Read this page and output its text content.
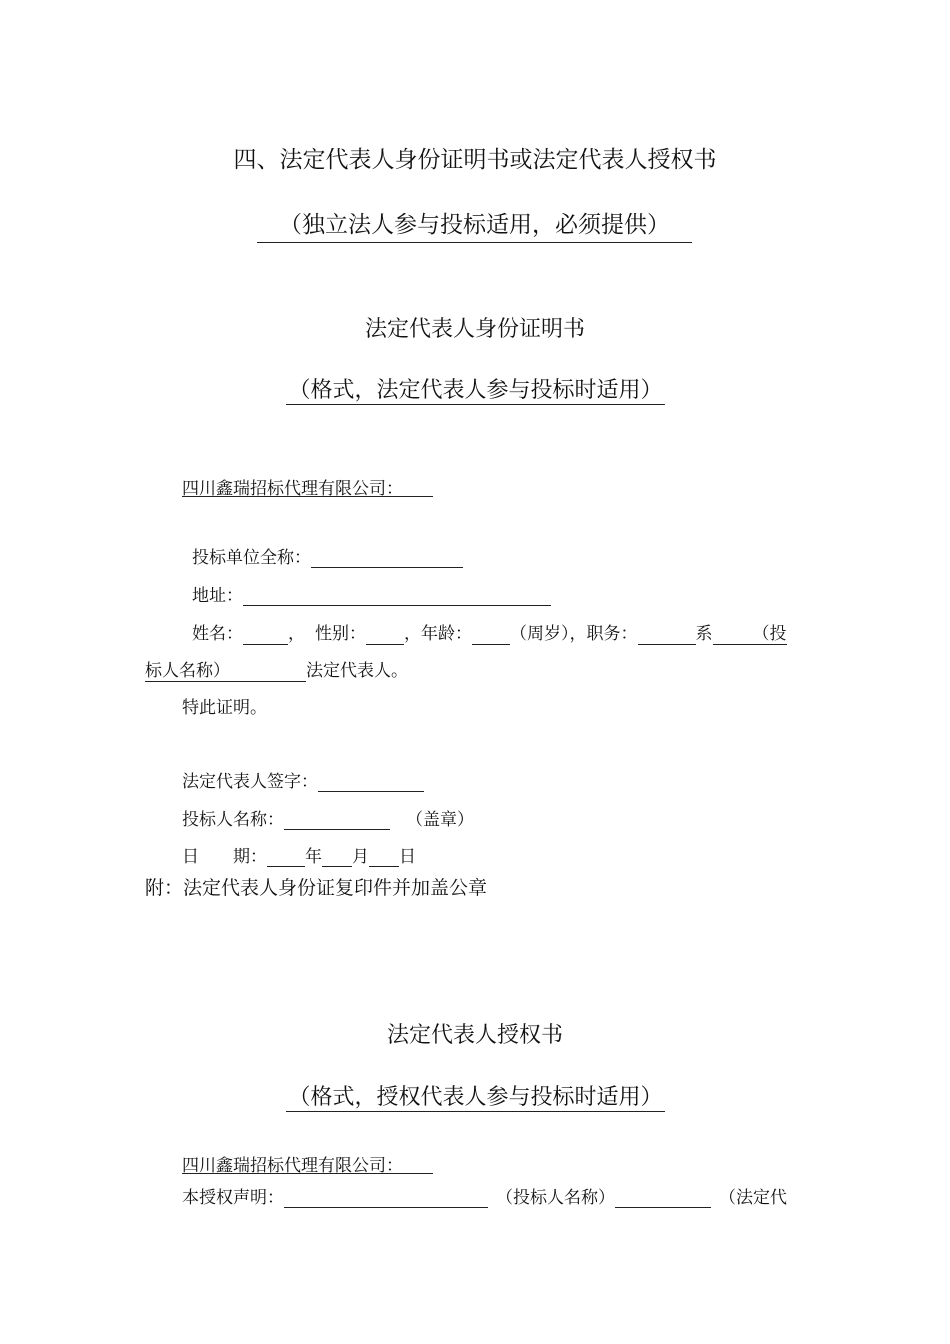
四、法定代表人身份证明书或法定代表人授权书
（独立法人参与投标适用，必须提供）
法定代表人身份证明书
（格式，法定代表人参与投标时适用）
四川鑫瑞招标代理有限公司：
投标单位全称：
地址：
姓名：	， 性别： ，年龄： （周岁），职务：	系 （投
标人名称）	法定代表人。
特此证明。
法定代表人签字：
投标人名称：	（盖章）
日　　期： 年 月 日
附：法定代表人身份证复印件并加盖公章
法定代表人授权书
（格式，授权代表人参与投标时适用）
四川鑫瑞招标代理有限公司：
本授权声明：	（投标人名称）	（法定代
